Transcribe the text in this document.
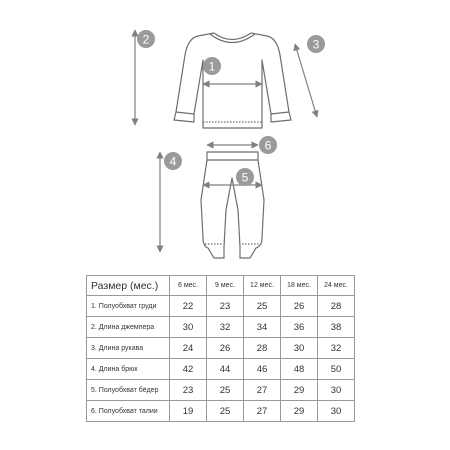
1
2	3
4
5
6
Размер (мес.)	6 мес.	9 мес.	12 мес.	18 мес.	24 мес.
1. Полуобхват груди	22	23	25	26	28
2. Длина джемпера	30	32	34	36	38
3. Длина рукава	24	26	28	30	32
4. Длина брюк	42	44	46	48	50
5. Полуобхват бёдер	23	25	27	29	30
6. Полуобхват талии	19	25	27	29	30
